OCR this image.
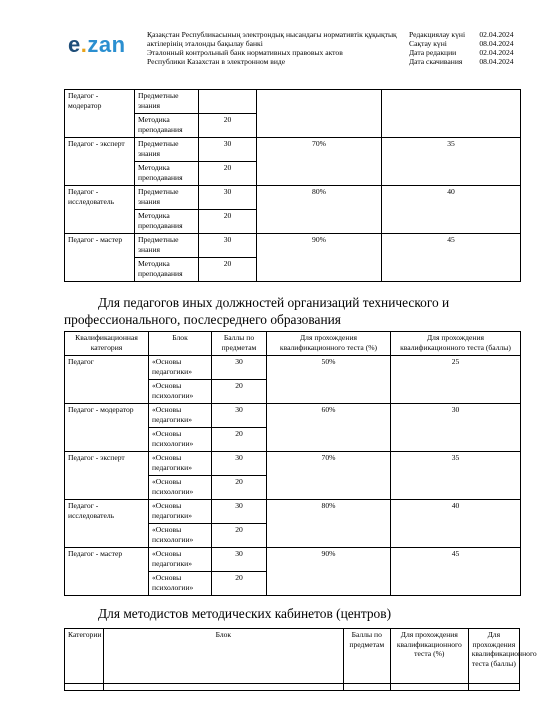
e.zan	Қазақстан Республикасының электрондық нысандағы нормативтік құқықтық
актілерінің эталонды бақылау банкі
Эталонный контрольный банк нормативных правовых актов
Республики Казахстан в электронном виде
Редакциялау күні	02.04.2024
Сақтау күні	08.04.2024
Дата редакции	02.04.2024
Дата скачивания	08.04.2024
Педагог - модератор	Предметные знания			
	Методика преподавания	20		
Педагог - эксперт	Предметные знания	30	70%	35
	Методика преподавания	20		
Педагог - исследователь	Предметные знания	30	80%	40
	Методика преподавания	20		
Педагог - мастер	Предметные знания	30	90%	45
	Методика преподавания	20		
Для педагогов иных должностей организаций технического и профессионального, послесреднего образования
Квалификационная категория	Блок	Баллы по предметам	Для прохождения квалификационного теста (%)	Для прохождения квалификационного теста (баллы)
Педагог	«Основы педагогики»	30	50%	25
	«Основы психологии»	20		
Педагог - модератор	«Основы педагогики»	30	60%	30
	«Основы психологии»	20		
Педагог - эксперт	«Основы педагогики»	30	70%	35
	«Основы психологии»	20		
Педагог - исследователь	«Основы педагогики»	30	80%	40
	«Основы психологии»	20		
Педагог - мастер	«Основы педагогики»	30	90%	45
	«Основы психологии»	20		
Для методистов методических кабинетов (центров)
Категории	Блок	Баллы по предметам	Для прохождения квалификационного теста (%)	Для прохождения квалификационного теста (баллы)
